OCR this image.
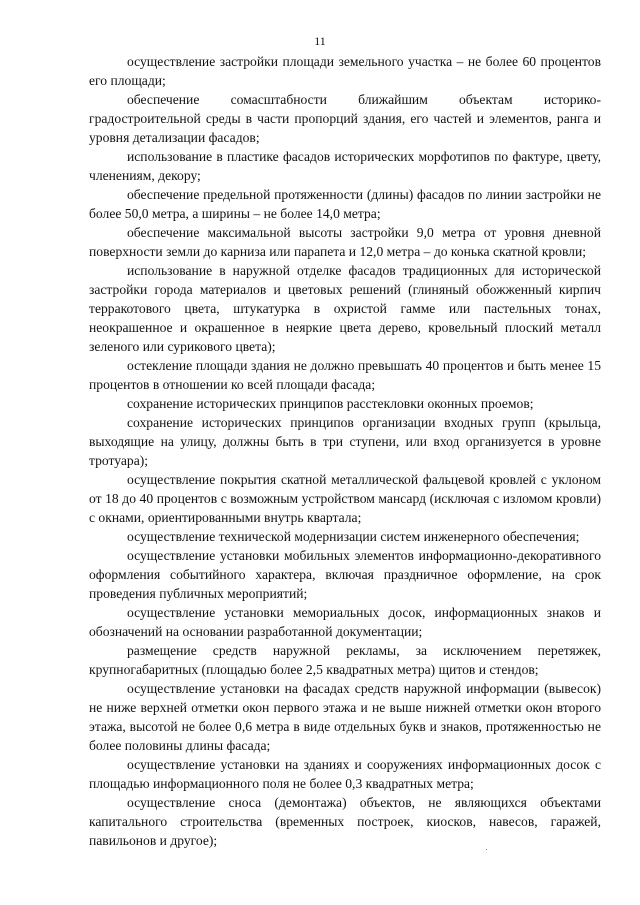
11

осуществление застройки площади земельного участка – не более 60 процентов его площади;

обеспечение сомасштабности ближайшим объектам историко-градостроительной среды в части пропорций здания, его частей и элементов, ранга и уровня детализации фасадов;

использование в пластике фасадов исторических морфотипов по фактуре, цвету, членениям, декору;

обеспечение предельной протяженности (длины) фасадов по линии застройки не более 50,0 метра, а ширины – не более 14,0 метра;

обеспечение максимальной высоты застройки 9,0 метра от уровня дневной поверхности земли до карниза или парапета и 12,0 метра – до конька скатной кровли;

использование в наружной отделке фасадов традиционных для исторической застройки города материалов и цветовых решений (глиняный обожженный кирпич терракотового цвета, штукатурка в охристой гамме или пастельных тонах, неокрашенное и окрашенное в неяркие цвета дерево, кровельный плоский металл зеленого или сурикового цвета);

остекление площади здания не должно превышать 40 процентов и быть менее 15 процентов в отношении ко всей площади фасада;

сохранение исторических принципов расстекловки оконных проемов;

сохранение исторических принципов организации входных групп (крыльца, выходящие на улицу, должны быть в три ступени, или вход организуется в уровне тротуара);

осуществление покрытия скатной металлической фальцевой кровлей с уклоном от 18 до 40 процентов с возможным устройством мансард (исключая с изломом кровли) с окнами, ориентированными внутрь квартала;

осуществление технической модернизации систем инженерного обеспечения;

осуществление установки мобильных элементов информационно-декоративного оформления событийного характера, включая праздничное оформление, на срок проведения публичных мероприятий;

осуществление установки мемориальных досок, информационных знаков и обозначений на основании разработанной документации;

размещение средств наружной рекламы, за исключением перетяжек, крупногабаритных (площадью более 2,5 квадратных метра) щитов и стендов;

осуществление установки на фасадах средств наружной информации (вывесок) не ниже верхней отметки окон первого этажа и не выше нижней отметки окон второго этажа, высотой не более 0,6 метра в виде отдельных букв и знаков, протяженностью не более половины длины фасада;

осуществление установки на зданиях и сооружениях информационных досок с площадью информационного поля не более 0,3 квадратных метра;

осуществление сноса (демонтажа) объектов, не являющихся объектами капитального строительства (временных построек, киосков, навесов, гаражей, павильонов и другое);
